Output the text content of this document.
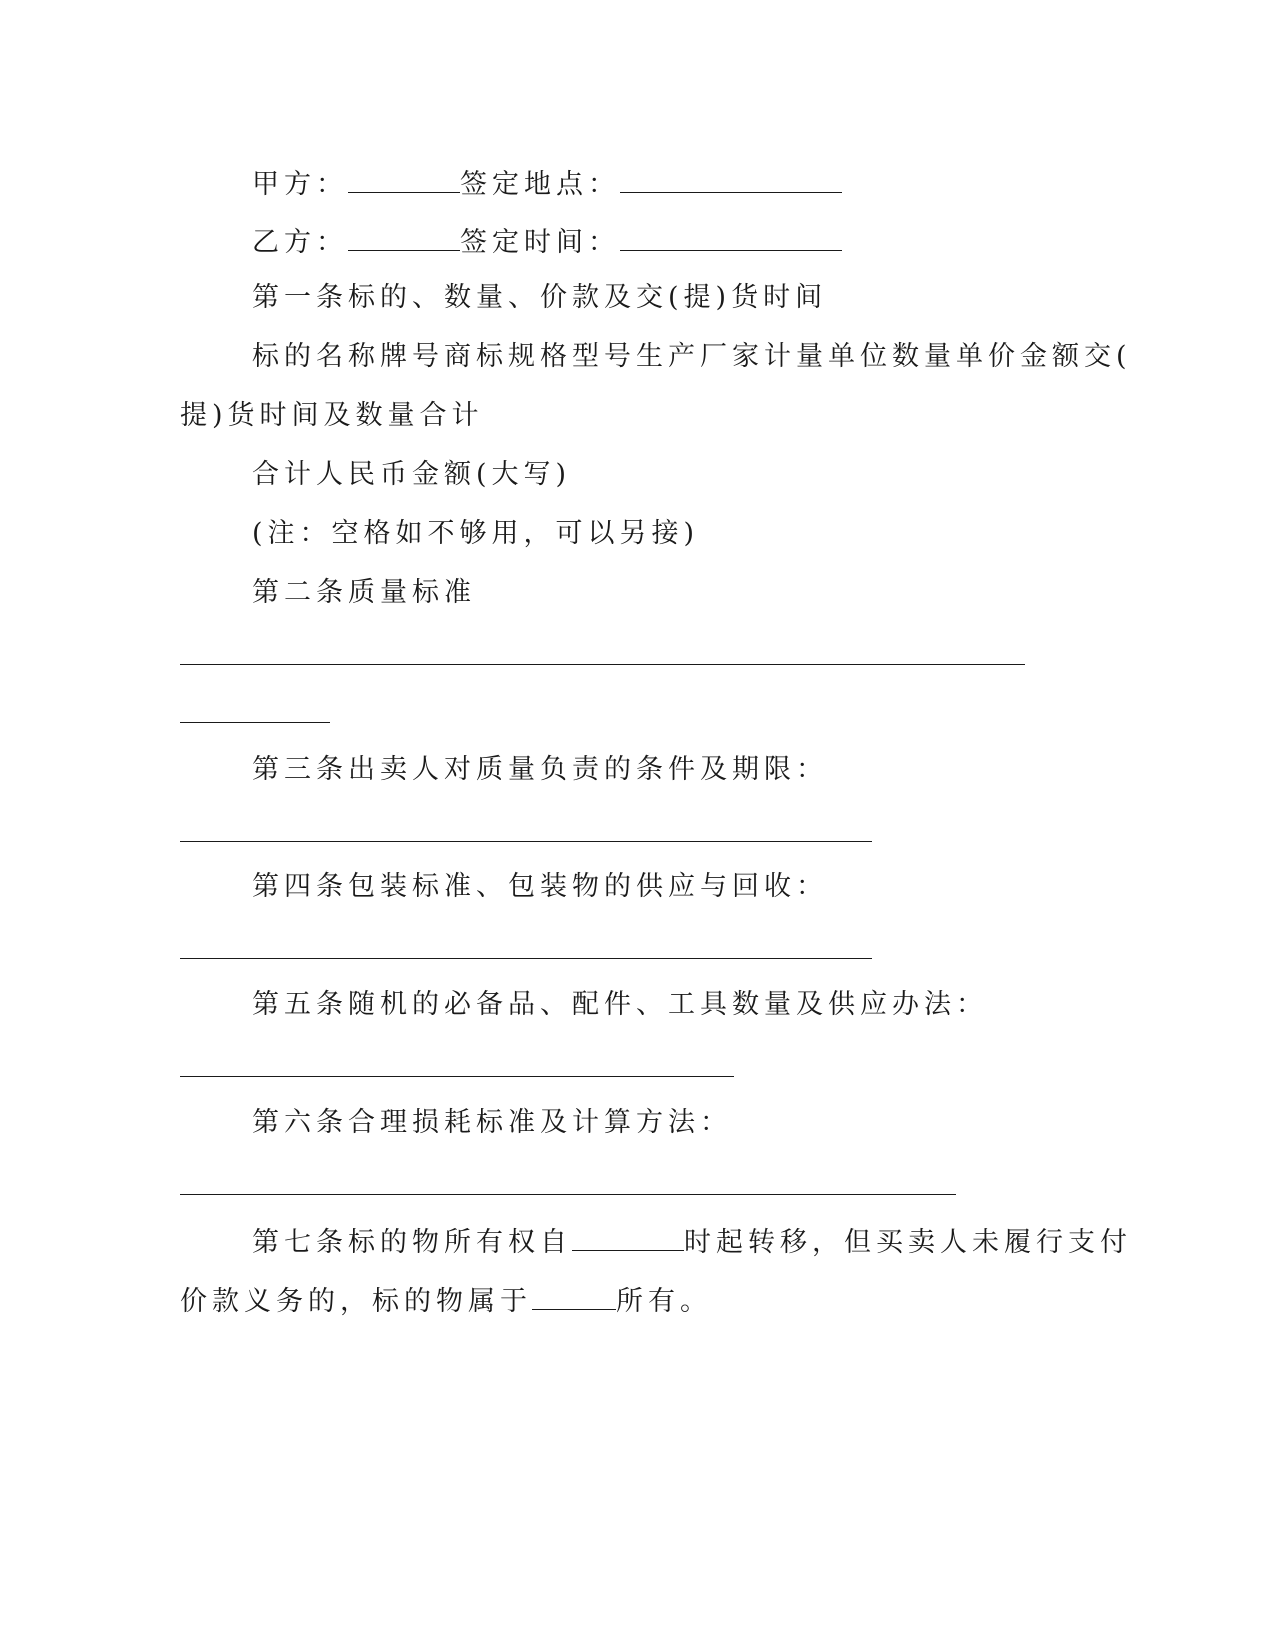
甲方：	签定地点：
乙方：	签定时间：
第一条标的、数量、价款及交(提)货时间
标的名称牌号商标规格型号生产厂家计量单位数量单价金额交(
提)货时间及数量合计
合计人民币金额(大写)
(注：空格如不够用，可以另接)
第二条质量标准
第三条出卖人对质量负责的条件及期限：
第四条包装标准、包装物的供应与回收：
第五条随机的必备品、配件、工具数量及供应办法：
第六条合理损耗标准及计算方法：
第七条标的物所有权自	时起转移，但买卖人未履行支付
价款义务的，标的物属于	所有。
